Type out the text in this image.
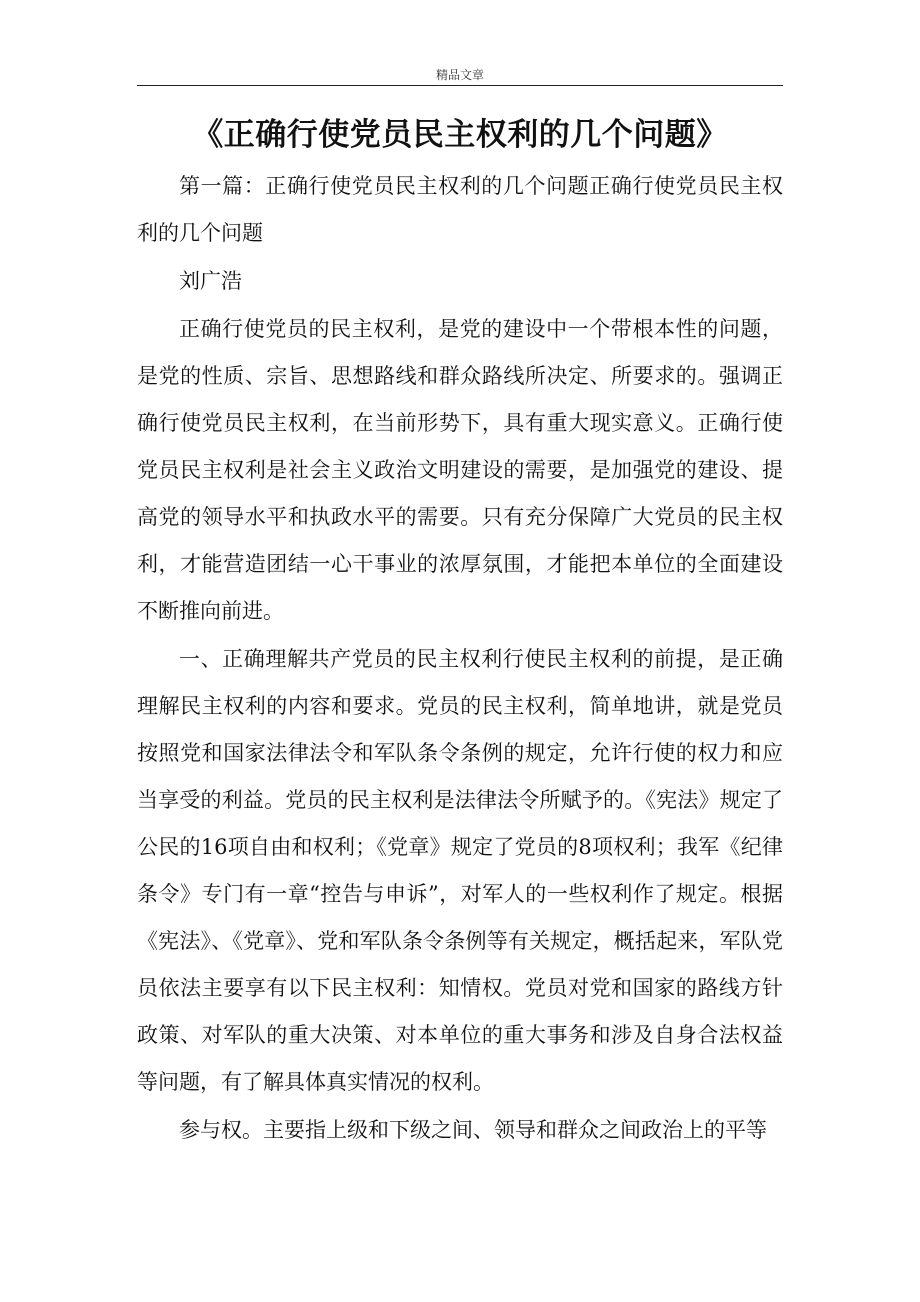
精品文章
《正确行使党员民主权利的几个问题》

第一篇：正确行使党员民主权利的几个问题正确行使党员民主权利的几个问题

刘广浩

正确行使党员的民主权利，是党的建设中一个带根本性的问题，是党的性质、宗旨、思想路线和群众路线所决定、所要求的。强调正确行使党员民主权利，在当前形势下，具有重大现实意义。正确行使党员民主权利是社会主义政治文明建设的需要，是加强党的建设、提高党的领导水平和执政水平的需要。只有充分保障广大党员的民主权利，才能营造团结一心干事业的浓厚氛围，才能把本单位的全面建设不断推向前进。

一、正确理解共产党员的民主权利行使民主权利的前提，是正确理解民主权利的内容和要求。党员的民主权利，简单地讲，就是党员按照党和国家法律法令和军队条令条例的规定，允许行使的权力和应当享受的利益。党员的民主权利是法律法令所赋予的。《宪法》规定了公民的16项自由和权利；《党章》规定了党员的8项权利；我军《纪律条令》专门有一章“控告与申诉”，对军人的一些权利作了规定。根据《宪法》、《党章》、党和军队条令条例等有关规定，概括起来，军队党员依法主要享有以下民主权利：知情权。党员对党和国家的路线方针政策、对军队的重大决策、对本单位的重大事务和涉及自身合法权益等问题，有了解具体真实情况的权利。

参与权。主要指上级和下级之间、领导和群众之间政治上的平等
